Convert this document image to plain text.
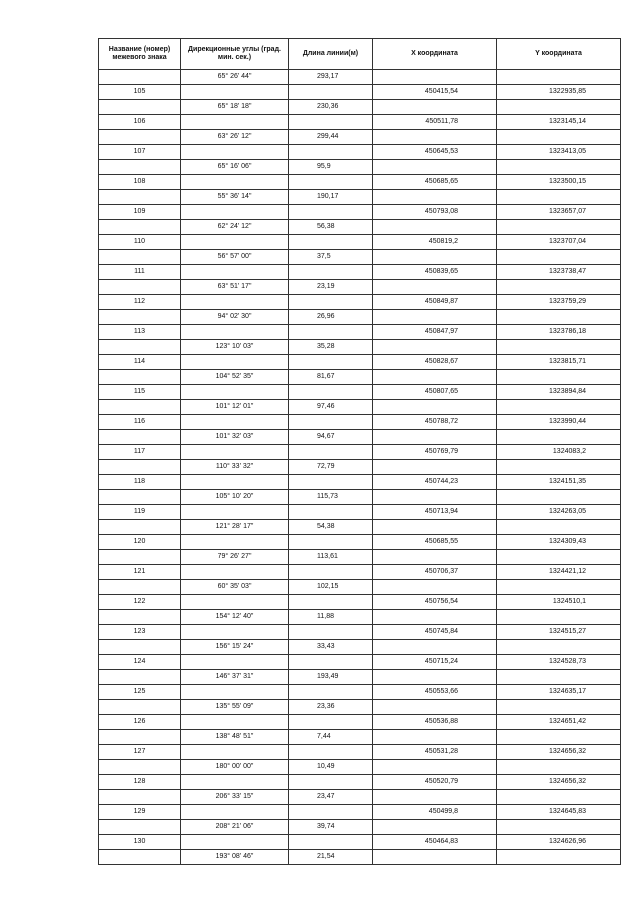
Название (номер) межевого знака	Дирекционные углы (град. мин. сек.)	Длина линии(м)	X координата	Y координата
	65° 26' 44"	293,17		
105			450415,54	1322935,85
	65° 18' 18"	230,36		
106			450511,78	1323145,14
	63° 26' 12"	299,44		
107			450645,53	1323413,05
	65° 16' 06"	95,9		
108			450685,65	1323500,15
	55° 36' 14"	190,17		
109			450793,08	1323657,07
	62° 24' 12"	56,38		
110			450819,2	1323707,04
	56° 57' 00"	37,5		
111			450839,65	1323738,47
	63° 51' 17"	23,19		
112			450849,87	1323759,29
	94° 02' 30"	26,96		
113			450847,97	1323786,18
	123° 10' 03"	35,28		
114			450828,67	1323815,71
	104° 52' 35"	81,67		
115			450807,65	1323894,84
	101° 12' 01"	97,46		
116			450788,72	1323990,44
	101° 32' 03"	94,67		
117			450769,79	1324083,2
	110° 33' 32"	72,79		
118			450744,23	1324151,35
	105° 10' 20"	115,73		
119			450713,94	1324263,05
	121° 28' 17"	54,38		
120			450685,55	1324309,43
	79° 26' 27"	113,61		
121			450706,37	1324421,12
	60° 35' 03"	102,15		
122			450756,54	1324510,1
	154° 12' 40"	11,88		
123			450745,84	1324515,27
	156° 15' 24"	33,43		
124			450715,24	1324528,73
	146° 37' 31"	193,49		
125			450553,66	1324635,17
	135° 55' 09"	23,36		
126			450536,88	1324651,42
	138° 48' 51"	7,44		
127			450531,28	1324656,32
	180° 00' 00"	10,49		
128			450520,79	1324656,32
	206° 33' 15"	23,47		
129			450499,8	1324645,83
	208° 21' 06"	39,74		
130			450464,83	1324626,96
	193° 08' 46"	21,54		
